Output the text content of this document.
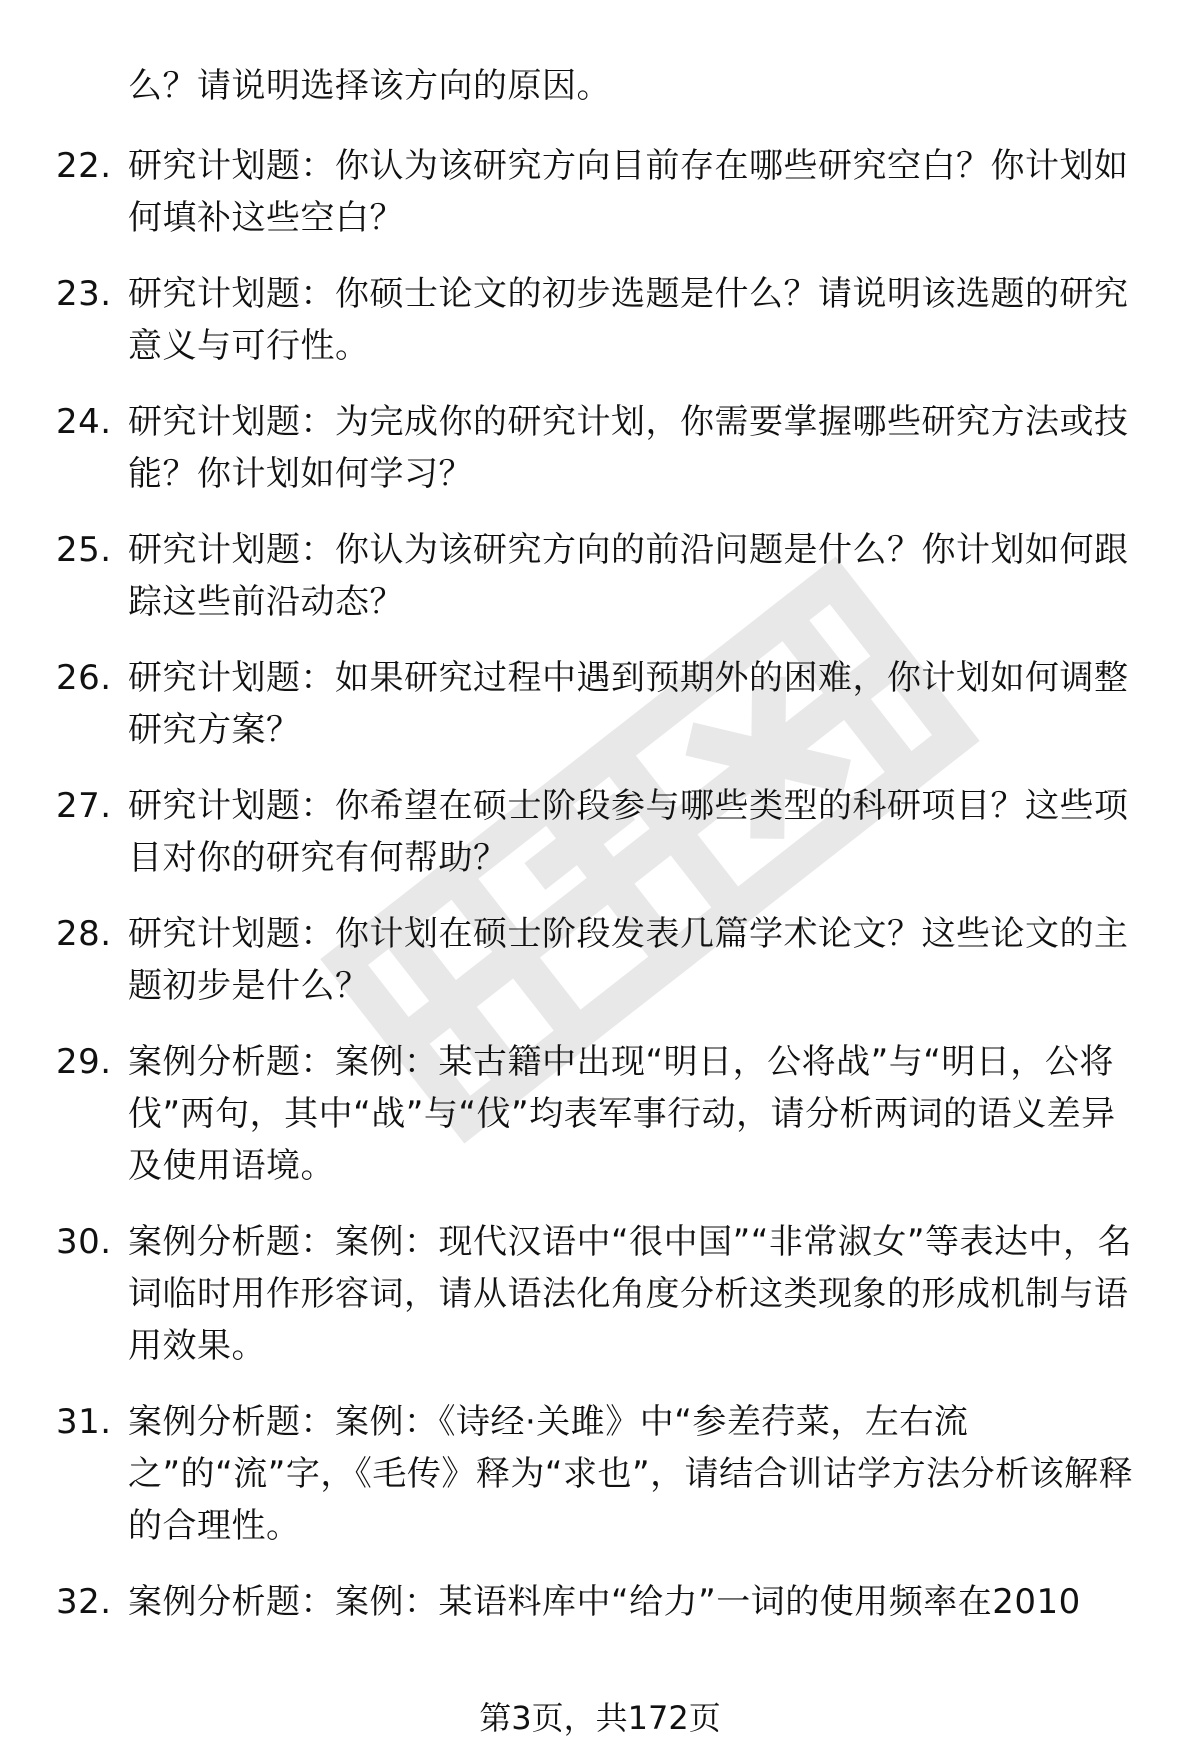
么？请说明选择该方向的原因。
22. 研究计划题：你认为该研究方向目前存在哪些研究空白？你计划如何填补这些空白？
23. 研究计划题：你硕士论文的初步选题是什么？请说明该选题的研究意义与可行性。
24. 研究计划题：为完成你的研究计划，你需要掌握哪些研究方法或技能？你计划如何学习？
25. 研究计划题：你认为该研究方向的前沿问题是什么？你计划如何跟踪这些前沿动态？
26. 研究计划题：如果研究过程中遇到预期外的困难，你计划如何调整研究方案？
27. 研究计划题：你希望在硕士阶段参与哪些类型的科研项目？这些项目对你的研究有何帮助？
28. 研究计划题：你计划在硕士阶段发表几篇学术论文？这些论文的主题初步是什么？
29. 案例分析题：案例：某古籍中出现“明日，公将战”与“明日，公将伐”两句，其中“战”与“伐”均表军事行动，请分析两词的语义差异及使用语境。
30. 案例分析题：案例：现代汉语中“很中国”“非常淑女”等表达中，名词临时用作形容词，请从语法化角度分析这类现象的形成机制与语用效果。
31. 案例分析题：案例：《诗经·关雎》中“参差荇菜，左右流之”的“流”字，《毛传》释为“求也”，请结合训诂学方法分析该解释的合理性。
32. 案例分析题：案例：某语料库中“给力”一词的使用频率在2010
第3页，共172页
